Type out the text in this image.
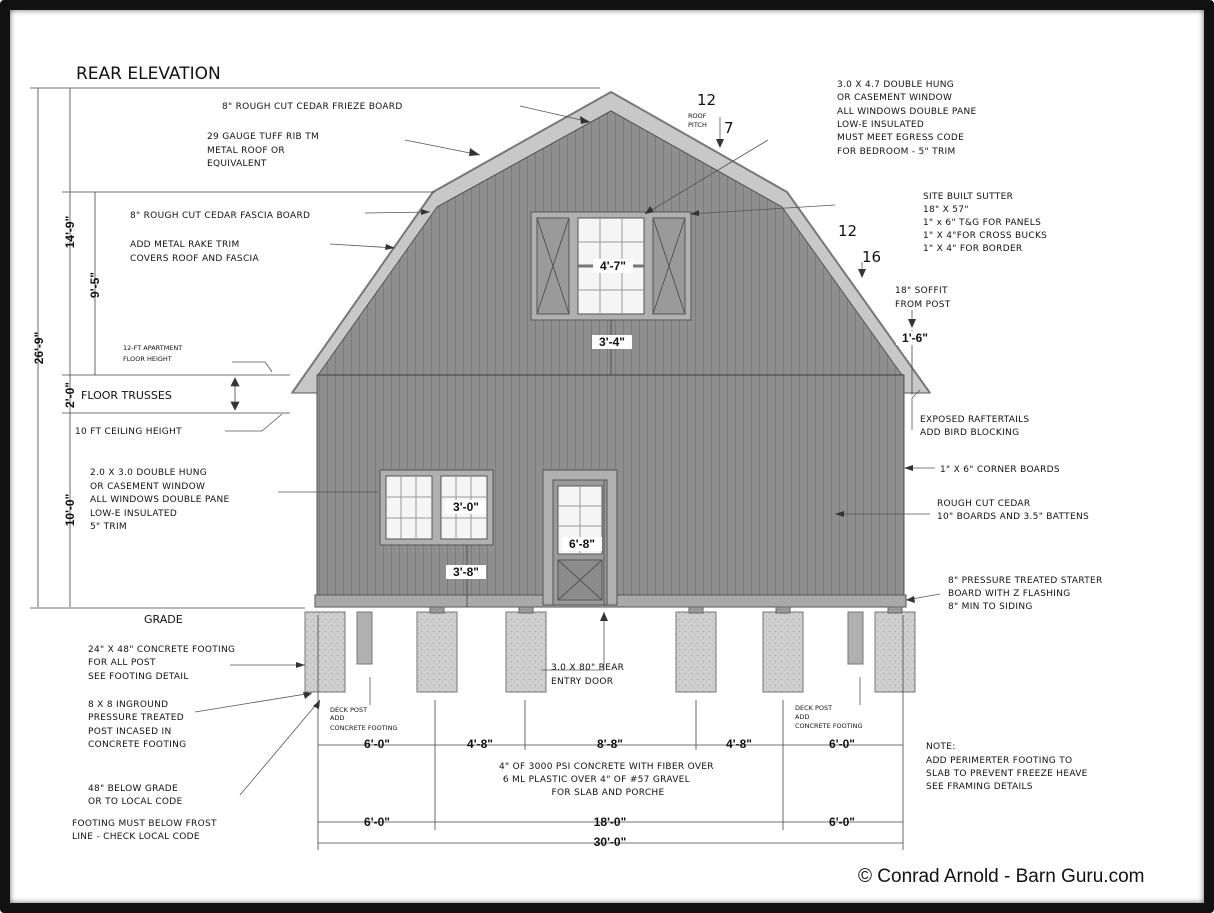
REAR ELEVATION
© Conrad Arnold - Barn Guru.com
12
ROOF PITCH 7
12
16
8" ROUGH CUT CEDAR FRIEZE BOARD
29 GAUGE TUFF RIB TM METAL ROOF OR EQUIVALENT
8" ROUGH CUT CEDAR FASCIA BOARD
ADD METAL RAKE TRIM COVERS ROOF AND FASCIA
12-FT APARTMENT FLOOR HEIGHT
FLOOR TRUSSES
10 FT CEILING HEIGHT
2.0 X 3.0 DOUBLE HUNG OR CASEMENT WINDOW ALL WINDOWS DOUBLE PANE LOW-E INSULATED 5" TRIM
GRADE
24" X 48" CONCRETE FOOTING FOR ALL POST SEE FOOTING DETAIL
8 X 8 INGROUND PRESSURE TREATED POST INCASED IN CONCRETE FOOTING
48" BELOW GRADE OR TO LOCAL CODE
FOOTING MUST BELOW FROST LINE - CHECK LOCAL CODE
3.0 X 4.7 DOUBLE HUNG OR CASEMENT WINDOW ALL WINDOWS DOUBLE PANE LOW-E INSULATED MUST MEET EGRESS CODE FOR BEDROOM - 5" TRIM
SITE BUILT SUTTER 18" X 57" 1" x 6" T&G FOR PANELS 1" X 4"FOR CROSS BUCKS 1" X 4" FOR BORDER
18" SOFFIT FROM POST
EXPOSED RAFTERTAILS ADD BIRD BLOCKING
1" X 6" CORNER BOARDS
ROUGH CUT CEDAR 10" BOARDS AND 3.5" BATTENS
8" PRESSURE TREATED STARTER BOARD WITH Z FLASHING 8" MIN TO SIDING
3.0 X 80" REAR ENTRY DOOR
DECK POST ADD CONCRETE FOOTING
DECK POST ADD CONCRETE FOOTING
4" OF 3000 PSI CONCRETE WITH FIBER OVER 6 ML PLASTIC OVER 4" OF #57 GRAVEL FOR SLAB AND PORCHE
NOTE: ADD PERIMERTER FOOTING TO SLAB TO PREVENT FREEZE HEAVE SEE FRAMING DETAILS
4'-7"
3'-4"	1'-6"
3'-0"
3'-8"
6'-8"
26'-9"
14'-9"
9'-5"
2'-0"
10'-0"
6'-0"	4'-8"	8'-8"	4'-8"	6'-0"
6'-0"	18'-0"	6'-0"
30'-0"
